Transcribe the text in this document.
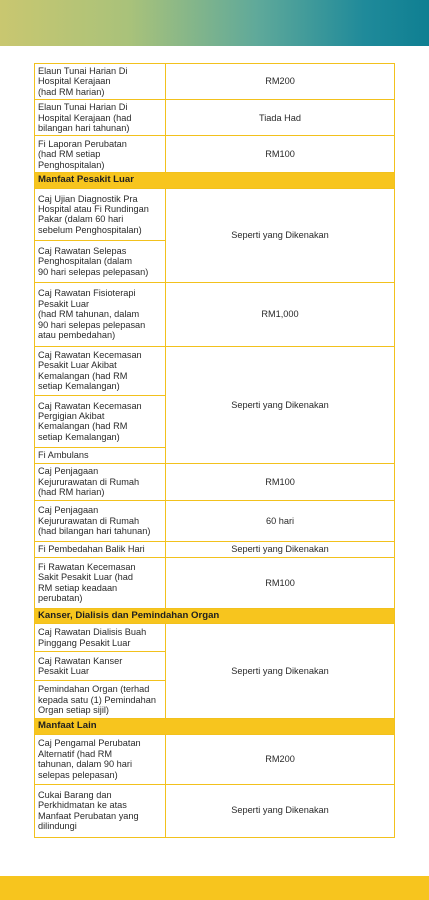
Elaun Tunai Harian Di
Hospital Kerajaan
(had RM harian)	RM200

Elaun Tunai Harian Di
Hospital Kerajaan (had
bilangan hari tahunan)	Tiada Had

Fi Laporan Perubatan
(had RM setiap
Penghospitalan)	RM100
Manfaat Pesakit Luar	

Caj Ujian Diagnostik Pra
Hospital atau Fi Rundingan
Pakar (dalam 60 hari
sebelum Penghospitalan)	Seperti yang Dikenakan

Caj Rawatan Selepas
Penghospitalan (dalam
90 hari selepas pelepasan)	

Caj Rawatan Fisioterapi
Pesakit Luar
(had RM tahunan, dalam
90 hari selepas pelepasan
atau pembedahan)	RM1,000

Caj Rawatan Kecemasan
Pesakit Luar Akibat
Kemalangan (had RM
setiap Kemalangan)	Seperti yang Dikenakan

Caj Rawatan Kecemasan
Pergigian Akibat
Kemalangan (had RM
setiap Kemalangan)	

Fi Ambulans	

Caj Penjagaan
Kejururawatan di Rumah
(had RM harian)	RM100

Caj Penjagaan
Kejururawatan di Rumah
(had bilangan hari tahunan)	60 hari

Fi Pembedahan Balik Hari	Seperti yang Dikenakan

Fi Rawatan Kecemasan
Sakit Pesakit Luar (had
RM setiap keadaan
perubatan)	RM100
Kanser, Dialisis dan Pemindahan Organ	

Caj Rawatan Dialisis Buah
Pinggang Pesakit Luar	Seperti yang Dikenakan

Caj Rawatan Kanser
Pesakit Luar	

Pemindahan Organ (terhad
kepada satu (1) Pemindahan
Organ setiap sijil)	

Manfaat Lain	

Caj Pengamal Perubatan
Alternatif (had RM
tahunan, dalam 90 hari
selepas pelepasan)	RM200

Cukai Barang dan
Perkhidmatan ke atas
Manfaat Perubatan yang
dilindungi	Seperti yang Dikenakan
